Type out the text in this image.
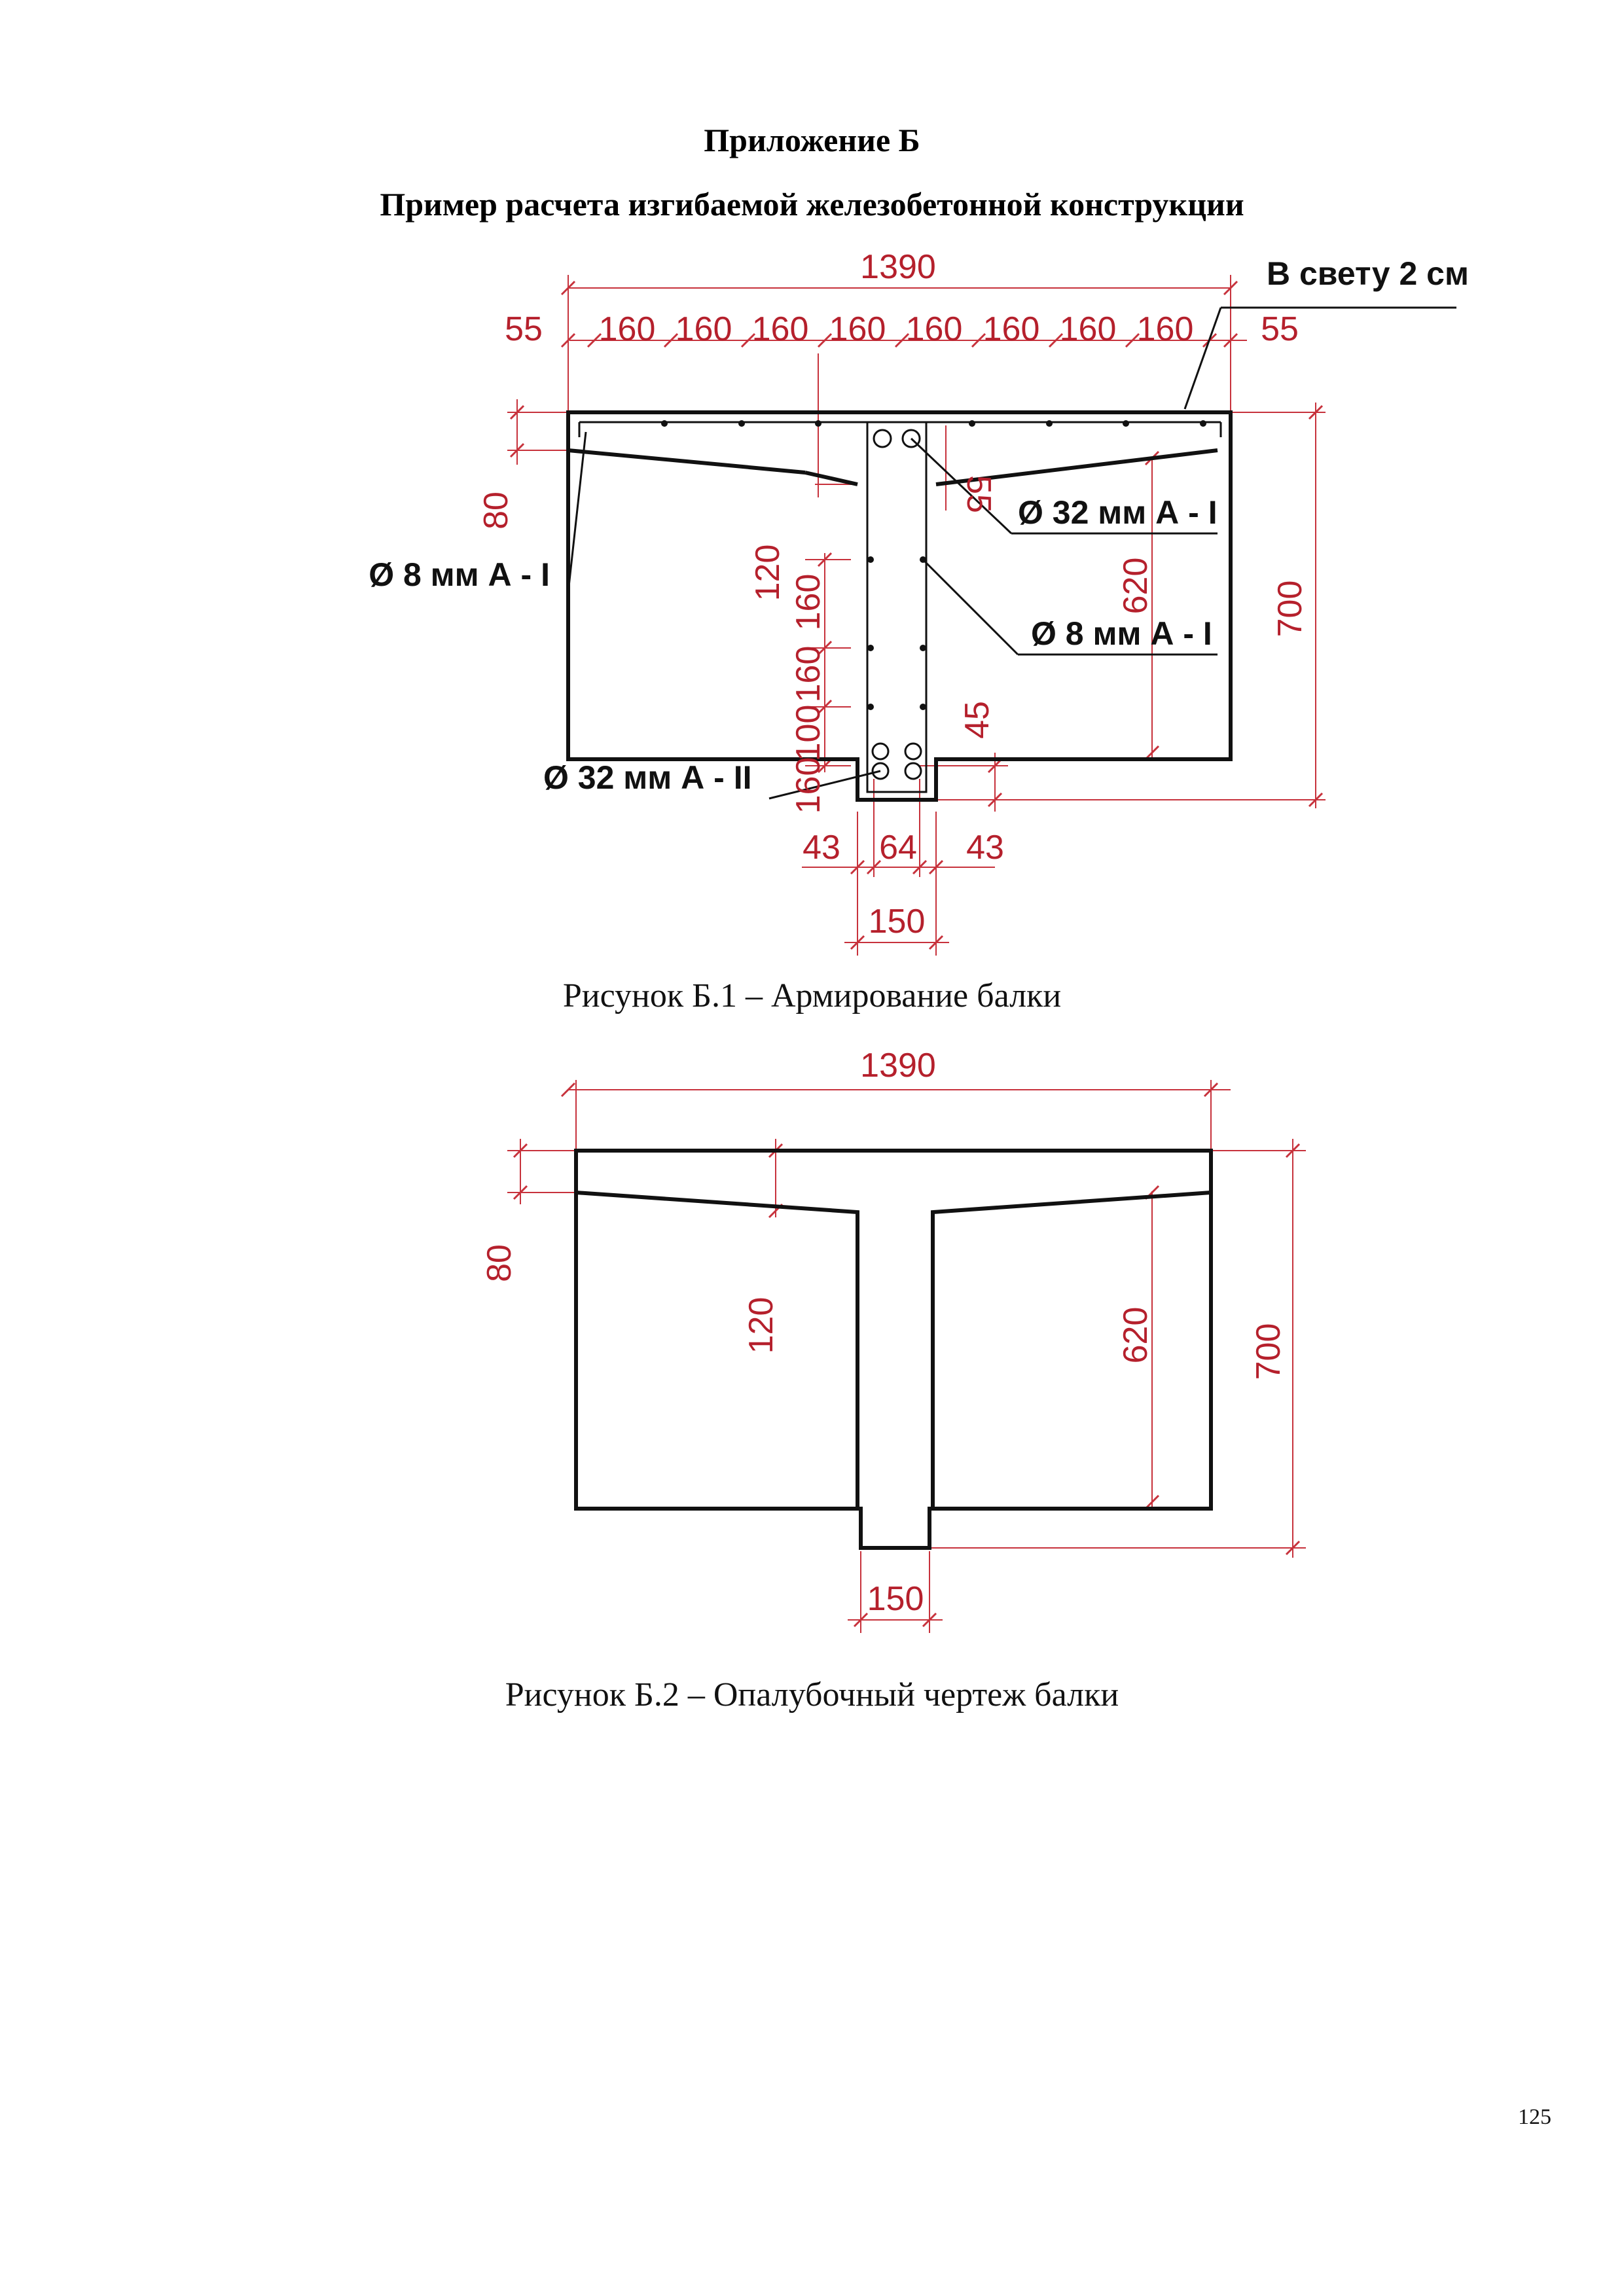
Приложение Б
Пример расчета изгибаемой железобетонной конструкции
1390
55	160 160 160 160
160	160 160 160 55
80
120
160
160
100
160
55
620	700
45
43 64 43
150
В свету 2 см
Ø 32 мм А - I
Ø 8 мм А - I
Ø 8 мм А - I
Ø 32 мм А - II
Рисунок Б.1 – Армирование балки
1390
80
120	620	700
150
Рисунок Б.2 – Опалубочный чертеж балки
125
